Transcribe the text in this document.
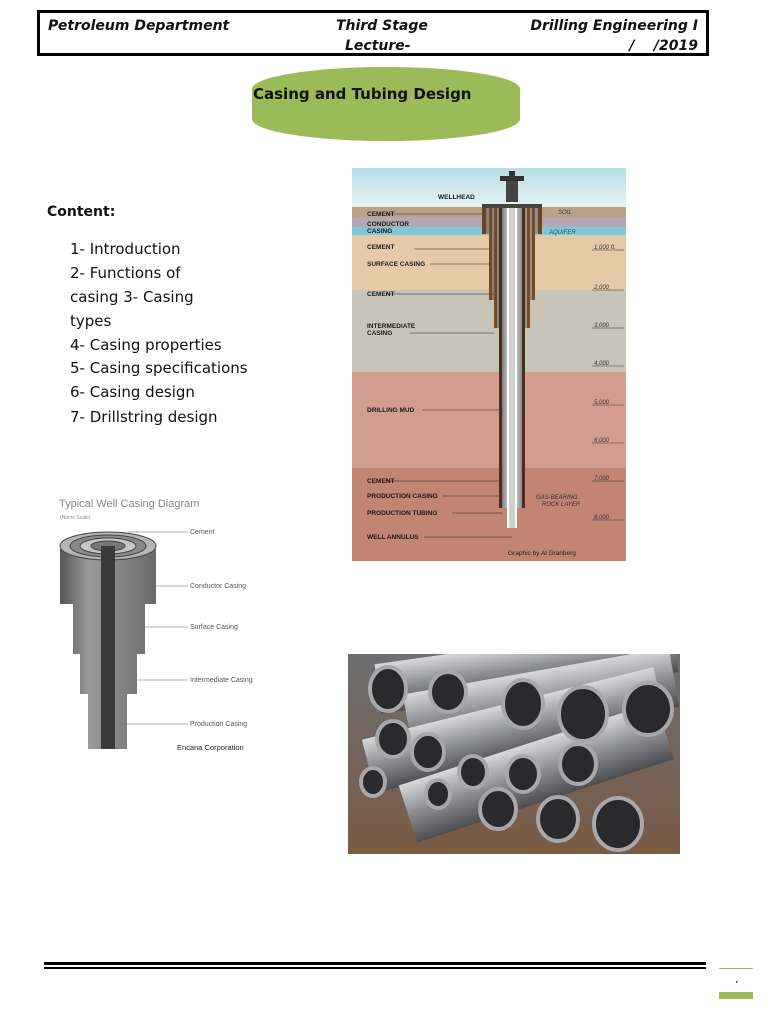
Petroleum Department	Third Stage
Lecture-
Drilling Engineering I
/    /2019
Casing and Tubing Design
Content:
1- Introduction
2- Functions of
casing 3- Casing
types
4- Casing properties
5- Casing specifications
6- Casing design
7- Drillstring design
WELLHEAD
CEMENT
CONDUCTOR
CASING
CEMENT
SURFACE CASING
CEMENT
INTERMEDIATE
CASING
DRILLING MUD
CEMENT
PRODUCTION CASING
PRODUCTION TUBING
WELL ANNULUS
SOIL
AQUIFER
1,000 ft.
2,000
3,000
4,000
5,000
6,000
7,000
8,000
GAS-BEARING
ROCK LAYER
Graphic by Al Granberg
Typical Well Casing Diagram
(Not to Scale)
Cement
Conductor Casing
Surface Casing
Intermediate Casing
Production Casing
Encana Corporation
،
